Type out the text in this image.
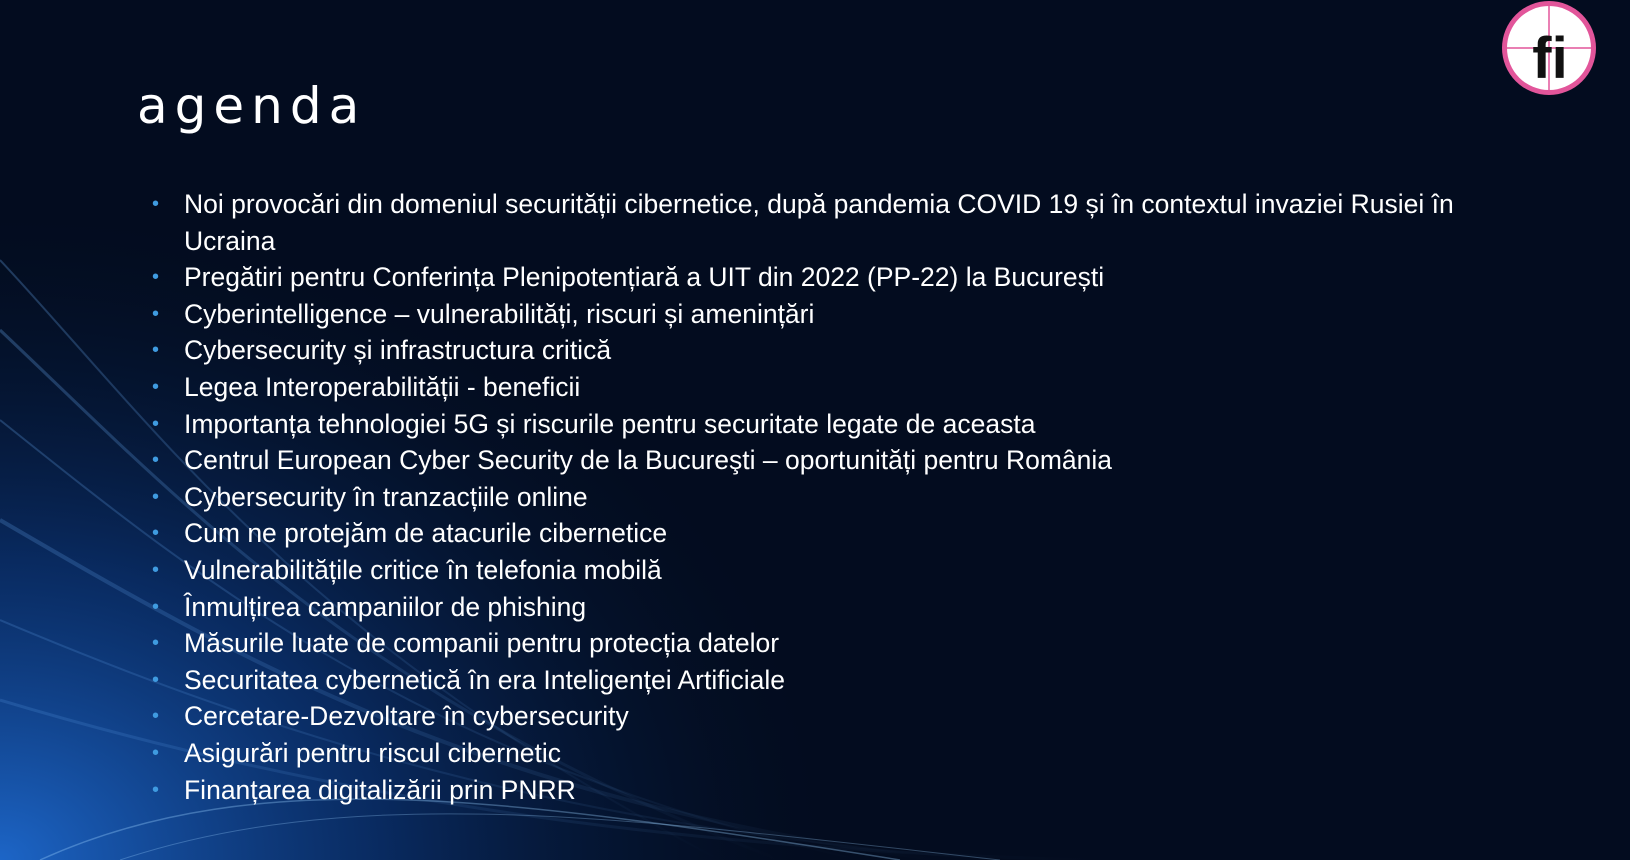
agenda
• Noi provocări din domeniul securității cibernetice, după pandemia COVID 19 și în contextul invaziei Rusiei în Ucraina
• Pregătiri pentru Conferința Plenipotențiară a UIT din 2022 (PP-22) la București
• Cyberintelligence – vulnerabilități, riscuri și amenințări
• Cybersecurity și infrastructura critică
• Legea Interoperabilității - beneficii
• Importanța tehnologiei 5G și riscurile pentru securitate legate de aceasta
• Centrul European Cyber Security de la Bucureşti – oportunități pentru România
• Cybersecurity în tranzacțiile online
• Cum ne protejăm de atacurile cibernetice
• Vulnerabilitățile critice în telefonia mobilă
• Înmulțirea campaniilor de phishing
• Măsurile luate de companii pentru protecția datelor
• Securitatea cybernetică în era Inteligenței Artificiale
• Cercetare-Dezvoltare în cybersecurity
• Asigurări pentru riscul cibernetic
• Finanțarea digitalizării prin PNRR
fi
